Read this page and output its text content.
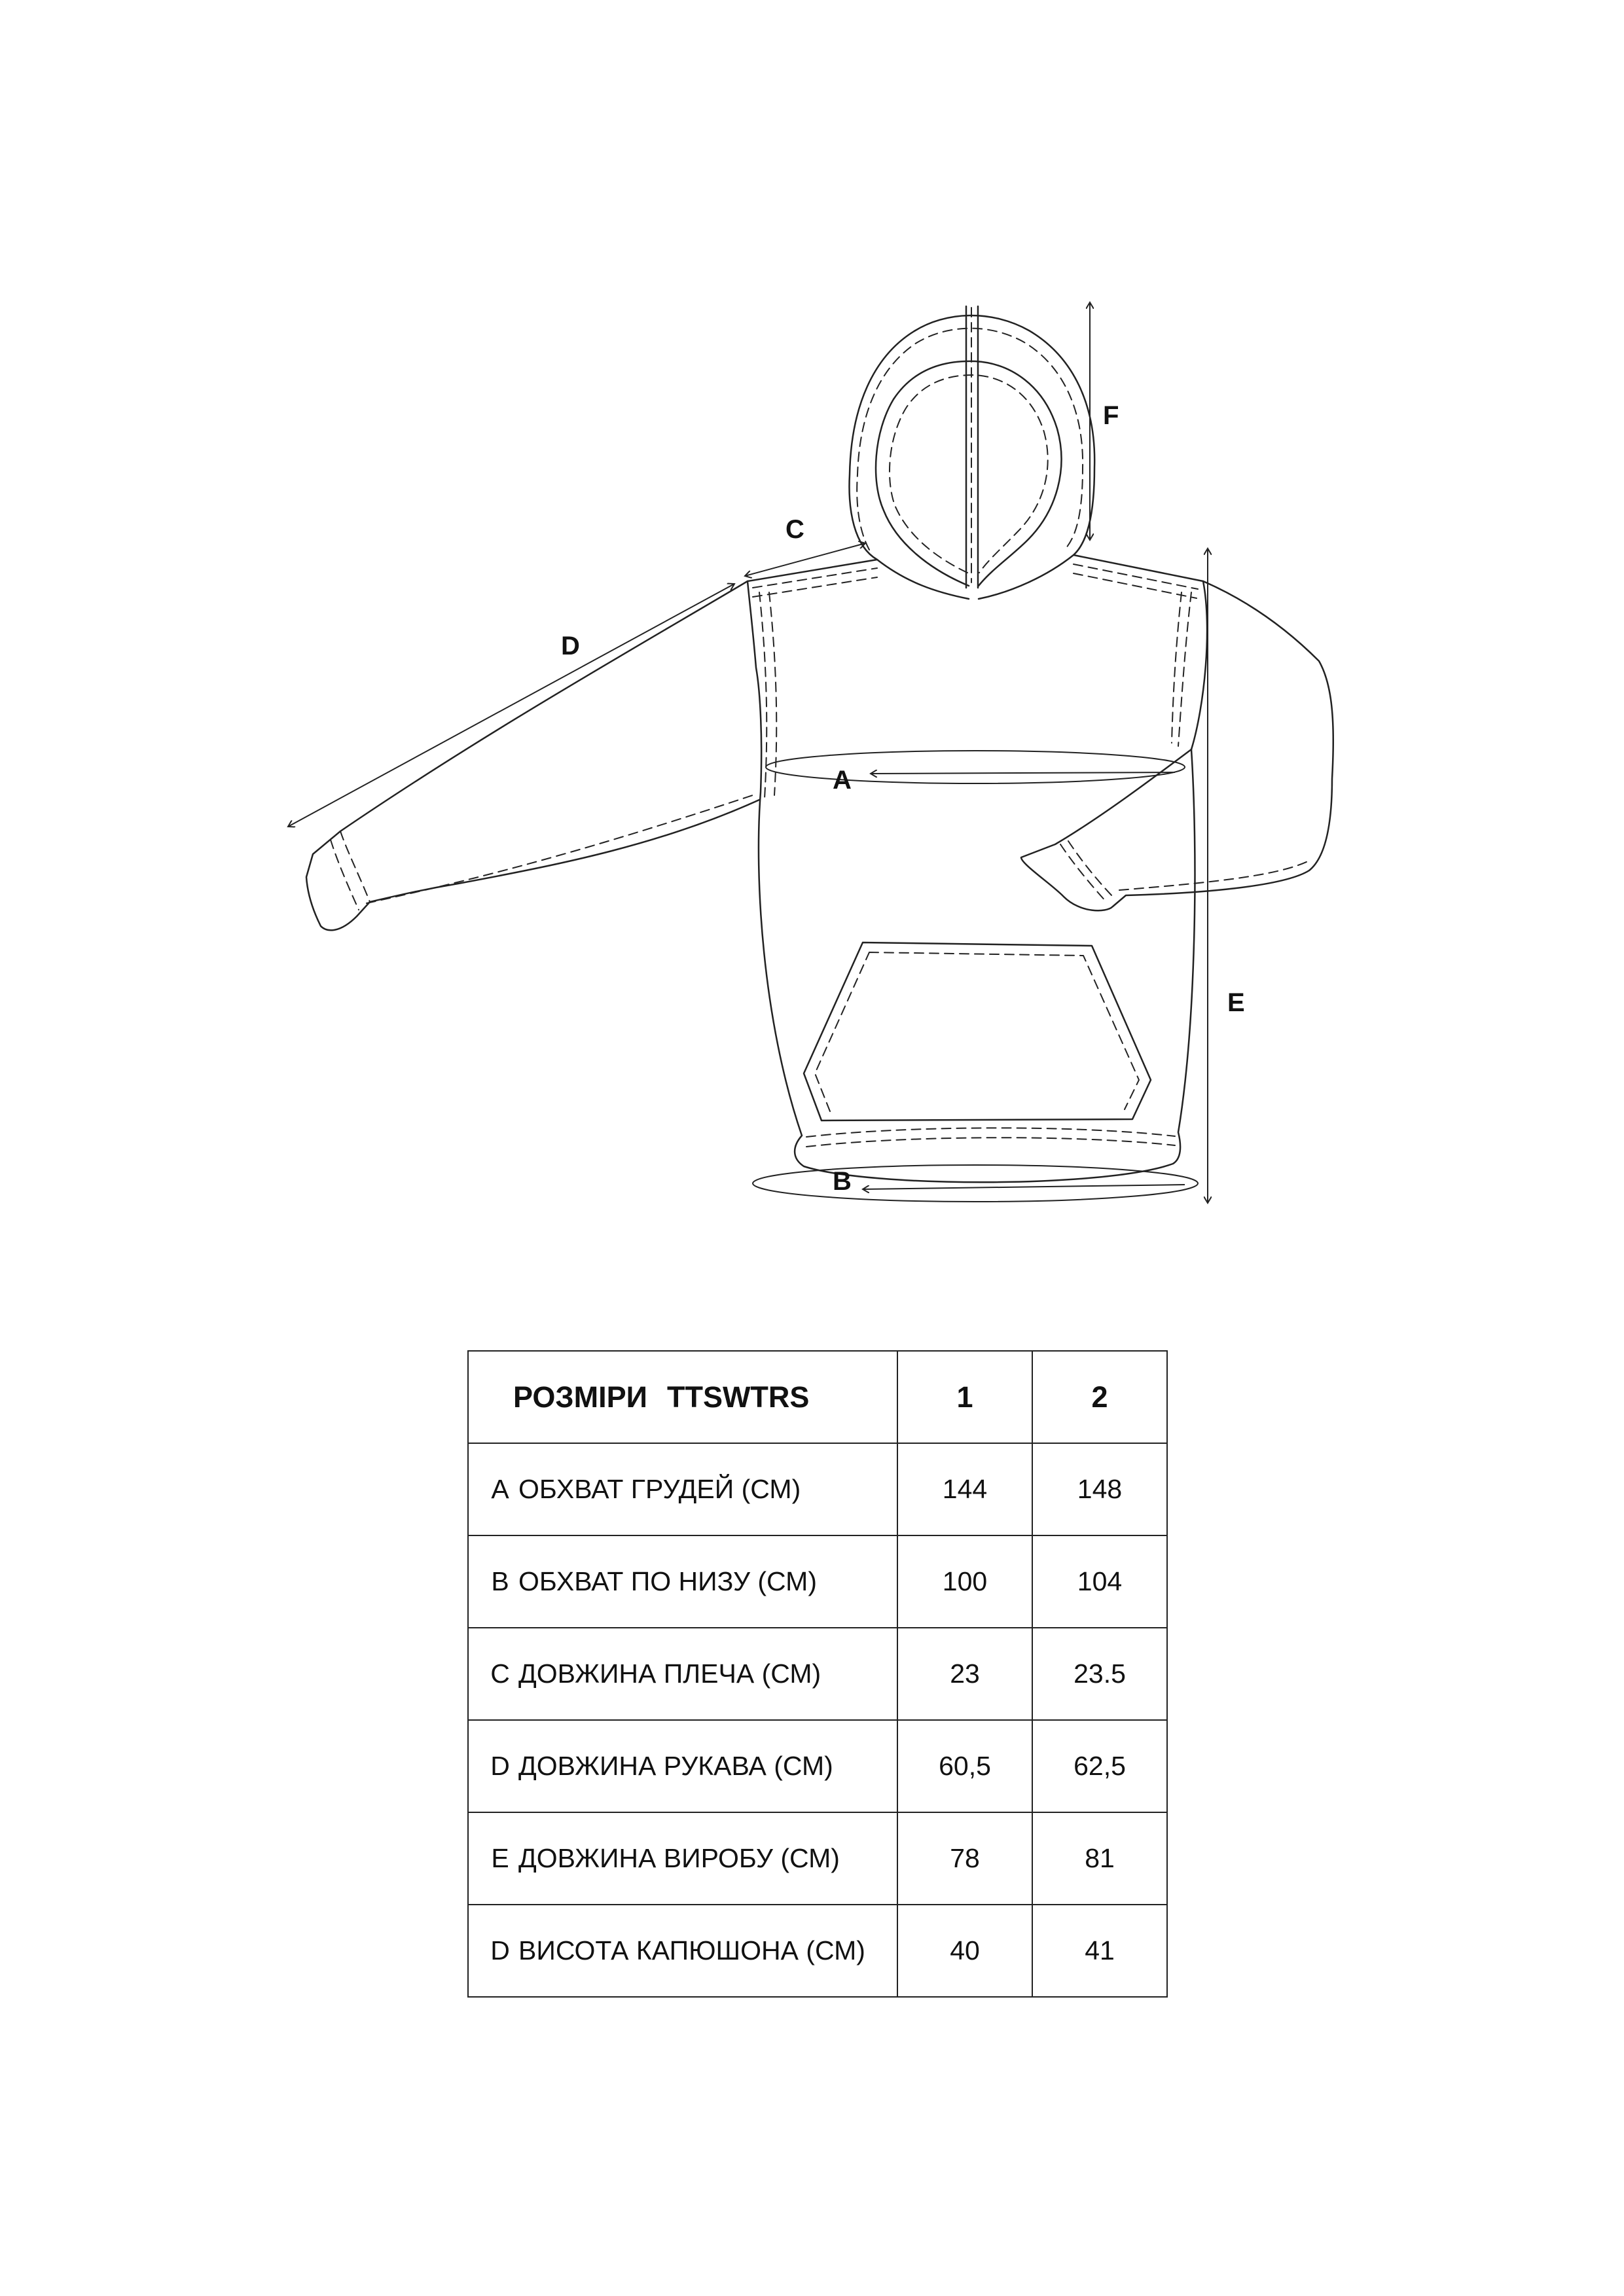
F
C
D
A
E
B
РОЗМІРИ TTSWTRS	1	2
A ОБХВАТ ГРУДЕЙ (СМ)	144	148
B ОБХВАТ ПО НИЗУ (СМ)	100	104
C ДОВЖИНА ПЛЕЧА (СМ)	23	23.5
D ДОВЖИНА РУКАВА (СМ)	60,5	62,5
E ДОВЖИНА ВИРОБУ (СМ)	78	81
D ВИСОТА КАПЮШОНА (СМ)	40	41
